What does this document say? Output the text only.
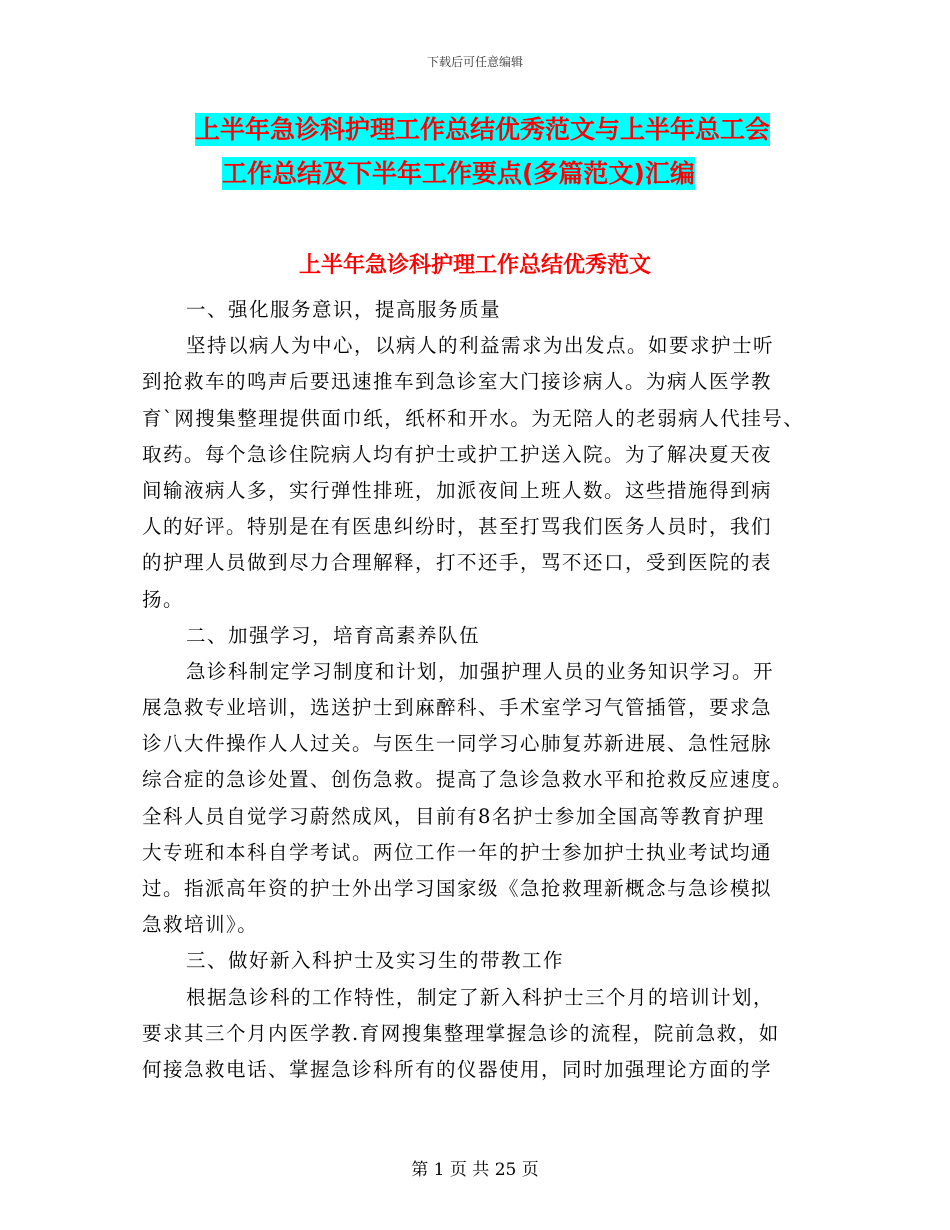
下载后可任意编辑
上半年急诊科护理工作总结优秀范文与上半年总工会
工作总结及下半年工作要点(多篇范文)汇编
上半年急诊科护理工作总结优秀范文
一、强化服务意识，提高服务质量
坚持以病人为中心，以病人的利益需求为出发点。如要求护士听
到抢救车的鸣声后要迅速推车到急诊室大门接诊病人。为病人医学教
育`网搜集整理提供面巾纸，纸杯和开水。为无陪人的老弱病人代挂号、
取药。每个急诊住院病人均有护士或护工护送入院。为了解决夏天夜
间输液病人多，实行弹性排班，加派夜间上班人数。这些措施得到病
人的好评。特别是在有医患纠纷时，甚至打骂我们医务人员时，我们
的护理人员做到尽力合理解释，打不还手，骂不还口，受到医院的表
扬。
二、加强学习，培育高素养队伍
急诊科制定学习制度和计划，加强护理人员的业务知识学习。开
展急救专业培训，选送护士到麻醉科、手术室学习气管插管，要求急
诊八大件操作人人过关。与医生一同学习心肺复苏新进展、急性冠脉
综合症的急诊处置、创伤急救。提高了急诊急救水平和抢救反应速度。
全科人员自觉学习蔚然成风，目前有8名护士参加全国高等教育护理
大专班和本科自学考试。两位工作一年的护士参加护士执业考试均通
过。指派高年资的护士外出学习国家级《急抢救理新概念与急诊模拟
急救培训》。
三、做好新入科护士及实习生的带教工作
根据急诊科的工作特性，制定了新入科护士三个月的培训计划，
要求其三个月内医学教.育网搜集整理掌握急诊的流程，院前急救，如
何接急救电话、掌握急诊科所有的仪器使用，同时加强理论方面的学
第 1 页 共 25 页
